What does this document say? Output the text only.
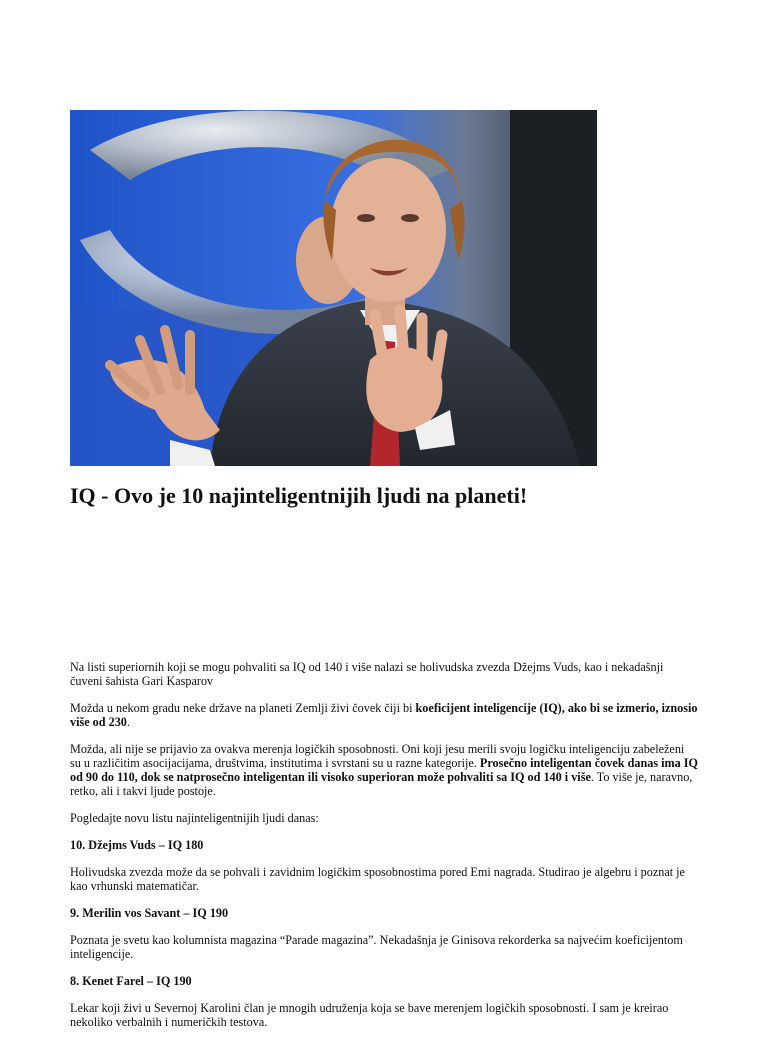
IQ - Ovo je 10 najinteligentnijih ljudi na planeti!

Na listi superiornih koji se mogu pohvaliti sa IQ od 140 i više nalazi se holivudska zvezda Džejms Vuds, kao i nekadašnji čuveni šahista Gari Kasparov

Možda u nekom gradu neke države na planeti Zemlji živi čovek čiji bi koeficijent inteligencije (IQ), ako bi se izmerio, iznosio više od 230.

Možda, ali nije se prijavio za ovakva merenja logičkih sposobnosti. Oni koji jesu merili svoju logičku inteligenciju zabeleženi su u različitim asocijacijama, društvima, institutima i svrstani su u razne kategorije. Prosečno inteligentan čovek danas ima IQ od 90 do 110, dok se natprosečno inteligentan ili visoko superioran može pohvaliti sa IQ od 140 i više. To više je, naravno, retko, ali i takvi ljude postoje.

Pogledajte novu listu najinteligentnijih ljudi danas:

10. Džejms Vuds – IQ 180

Holivudska zvezda može da se pohvali i zavidnim logičkim sposobnostima pored Emi nagrada. Studirao je algebru i poznat je kao vrhunski matematičar.

9. Merilin vos Savant – IQ 190

Poznata je svetu kao kolumnista magazina “Parade magazina”. Nekadašnja je Ginisova rekorderka sa najvećim koeficijentom inteligencije.

8. Kenet Farel – IQ 190

Lekar koji živi u Severnoj Karolini član je mnogih udruženja koja se bave merenjem logičkih sposobnosti. I sam je kreirao nekoliko verbalnih i numeričkih testova.
